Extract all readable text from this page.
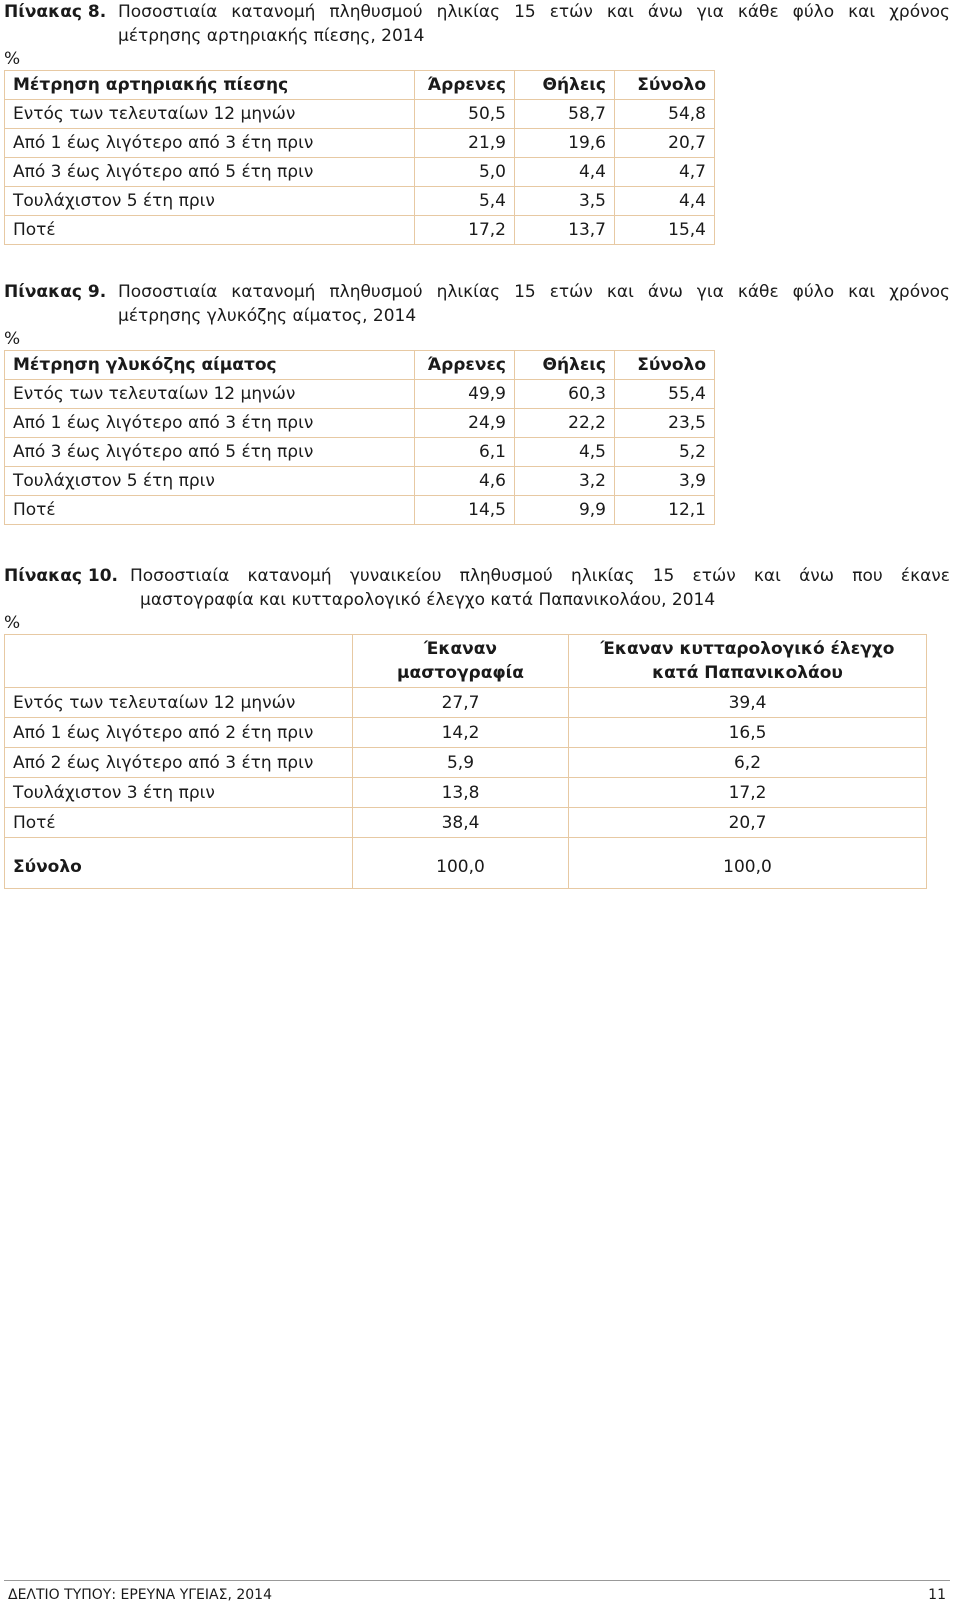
Πίνακας 8. Ποσοστιαία κατανομή πληθυσμού ηλικίας 15 ετών και άνω για κάθε φύλο και χρόνος
μέτρησης αρτηριακής πίεσης, 2014
%
Μέτρηση αρτηριακής πίεσης	Άρρενες	Θήλεις	Σύνολο
Εντός των τελευταίων 12 μηνών	50,5	58,7	54,8
Από 1 έως λιγότερο από 3 έτη πριν	21,9	19,6	20,7
Από 3 έως λιγότερο από 5 έτη πριν	5,0	4,4	4,7
Τουλάχιστον 5 έτη πριν	5,4	3,5	4,4
Ποτέ	17,2	13,7	15,4
Πίνακας 9. Ποσοστιαία κατανομή πληθυσμού ηλικίας 15 ετών και άνω για κάθε φύλο και χρόνος
μέτρησης γλυκόζης αίματος, 2014
%
Μέτρηση γλυκόζης αίματος	Άρρενες	Θήλεις	Σύνολο
Εντός των τελευταίων 12 μηνών	49,9	60,3	55,4
Από 1 έως λιγότερο από 3 έτη πριν	24,9	22,2	23,5
Από 3 έως λιγότερο από 5 έτη πριν	6,1	4,5	5,2
Τουλάχιστον 5 έτη πριν	4,6	3,2	3,9
Ποτέ	14,5	9,9	12,1
Πίνακας 10. Ποσοστιαία κατανομή γυναικείου πληθυσμού ηλικίας 15 ετών και άνω που έκανε
μαστογραφία και κυτταρολογικό έλεγχο κατά Παπανικολάου, 2014
%
	Έκαναν μαστογραφία	Έκαναν κυτταρολογικό έλεγχο κατά Παπανικολάου
Εντός των τελευταίων 12 μηνών	27,7	39,4
Από 1 έως λιγότερο από 2 έτη πριν	14,2	16,5
Από 2 έως λιγότερο από 3 έτη πριν	5,9	6,2
Τουλάχιστον 3 έτη πριν	13,8	17,2
Ποτέ	38,4	20,7
Σύνολο	100,0	100,0
ΔΕΛΤΙΟ ΤΥΠΟΥ: ΕΡΕΥΝΑ ΥΓΕΙΑΣ, 2014	11
